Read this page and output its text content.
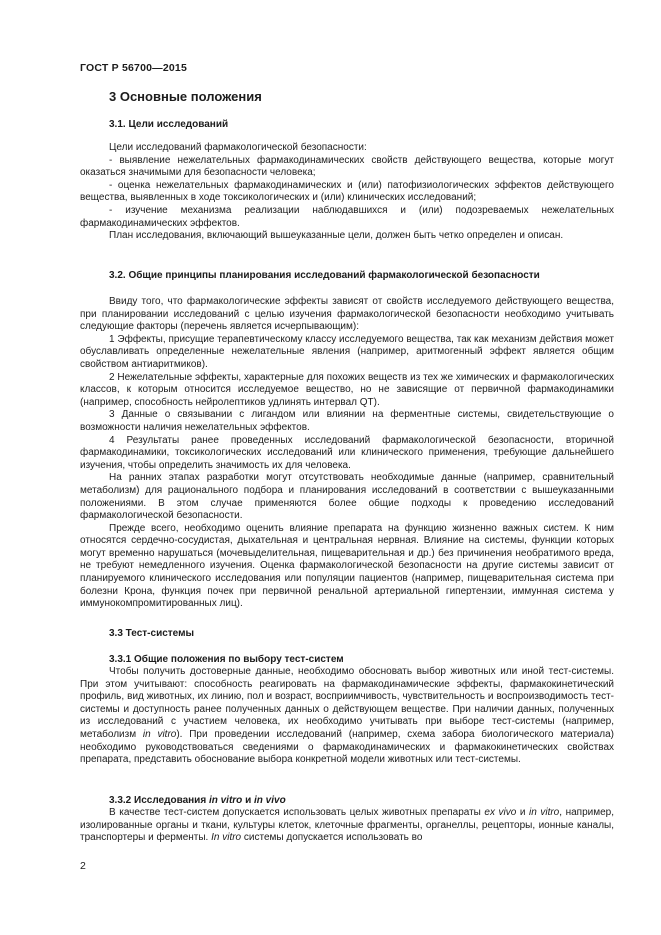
ГОСТ Р 56700—2015
3 Основные положения
3.1. Цели исследований

Цели исследований фармакологической безопасности:

- выявление нежелательных фармакодинамических свойств действующего вещества, которые могут оказаться значимыми для безопасности человека;

- оценка нежелательных фармакодинамических и (или) патофизиологических эффектов действующего вещества, выявленных в ходе токсикологических и (или) клинических исследований;

- изучение механизма реализации наблюдавшихся и (или) подозреваемых нежелательных фармакодинамических эффектов.

План исследования, включающий вышеуказанные цели, должен быть четко определен и описан.

3.2. Общие принципы планирования исследований фармакологической безопасности

Ввиду того, что фармакологические эффекты зависят от свойств исследуемого действующего вещества, при планировании исследований с целью изучения фармакологической безопасности необходимо учитывать следующие факторы (перечень является исчерпывающим):

1 Эффекты, присущие терапевтическому классу исследуемого вещества, так как механизм действия может обуславливать определенные нежелательные явления (например, аритмогенный эффект является общим свойством антиаритмиков).

2 Нежелательные эффекты, характерные для похожих веществ из тех же химических и фармакологических классов, к которым относится исследуемое вещество, но не зависящие от первичной фармакодинамики (например, способность нейролептиков удлинять интервал QT).

3 Данные о связывании с лигандом или влиянии на ферментные системы, свидетельствующие о возможности наличия нежелательных эффектов.

4 Результаты ранее проведенных исследований фармакологической безопасности, вторичной фармакодинамики, токсикологических исследований или клинического применения, требующие дальнейшего изучения, чтобы определить значимость их для человека.

На ранних этапах разработки могут отсутствовать необходимые данные (например, сравнительный метаболизм) для рационального подбора и планирования исследований в соответствии с вышеуказанными положениями. В этом случае применяются более общие подходы к проведению исследований фармакологической безопасности.

Прежде всего, необходимо оценить влияние препарата на функцию жизненно важных систем. К ним относятся сердечно-сосудистая, дыхательная и центральная нервная. Влияние на системы, функции которых могут временно нарушаться (мочевыделительная, пищеварительная и др.) без причинения необратимого вреда, не требуют немедленного изучения. Оценка фармакологической безопасности на другие системы зависит от планируемого клинического исследования или популяции пациентов (например, пищеварительная система при болезни Крона, функция почек при первичной ренальной артериальной гипертензии, иммунная система у иммунокомпромитированных лиц).

3.3 Тест-системы
3.3.1 Общие положения по выбору тест-систем

Чтобы получить достоверные данные, необходимо обосновать выбор животных или иной тест-системы. При этом учитывают: способность реагировать на фармакодинамические эффекты, фармакокинетический профиль, вид животных, их линию, пол и возраст, восприимчивость, чувствительность и воспроизводимость тест-системы и доступность ранее полученных данных о действующем веществе. При наличии данных, полученных из исследований с участием человека, их необходимо учитывать при выборе тест-системы (например, метаболизм in vitro). При проведении исследований (например, схема забора биологического материала) необходимо руководствоваться сведениями о фармакодинамических и фармакокинетических свойствах препарата, представить обоснование выбора конкретной модели животных или тест-системы.

3.3.2 Исследования in vitro и in vivo

В качестве тест-систем допускается использовать целых животных препараты ex vivo и in vitro, например, изолированные органы и ткани, культуры клеток, клеточные фрагменты, органеллы, рецепторы, ионные каналы, транспортеры и ферменты. In vitro системы допускается использовать во

2
